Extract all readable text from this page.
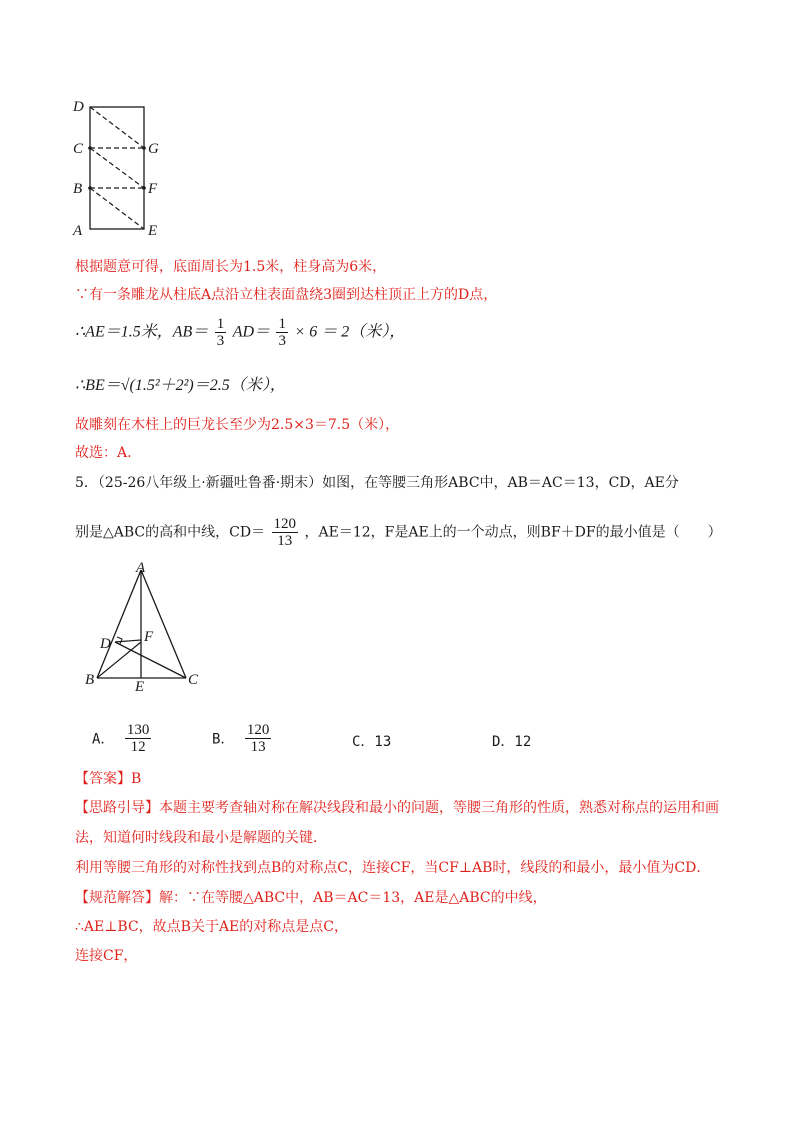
D
C
B
A
G
F
E
根据题意可得，底面周长为1.5米，柱身高为6米，
∵有一条雕龙从柱底A点沿立柱表面盘绕3圈到达柱顶正上方的D点，
∴AE＝1.5米，$AB= \frac{1}{3} AD= \frac{1}{3} \times 6 = 2$（米），
∴BE＝√(1.5²＋2²)＝2.5（米），
故雕刻在木柱上的巨龙长至少为2.5×3＝7.5（米），
故选：A.
5．（25-26八年级上·新疆吐鲁番·期末）如图，在等腰三角形ABC中，AB＝AC＝13，CD，AE分
别是△ABC的高和中线，$CD= \frac{120}{13}$ ，AE＝12，F是AE上的一个动点，则BF＋DF的最小值是（　　）
A
B	C
D
E
F
A． $\frac{130}{12}$	B． $\frac{120}{13}$	C．13	D．12
【答案】B
【思路引导】本题主要考查轴对称在解决线段和最小的问题，等腰三角形的性质，熟悉对称点的运用和画
法，知道何时线段和最小是解题的关键．
利用等腰三角形的对称性找到点B的对称点C，连接CF，当CF⊥AB时，线段的和最小，最小值为CD．
【规范解答】解：∵在等腰△ABC中，AB＝AC＝13，AE是△ABC的中线，
∴AE⊥BC，故点B关于AE的对称点是点C，
连接CF，
